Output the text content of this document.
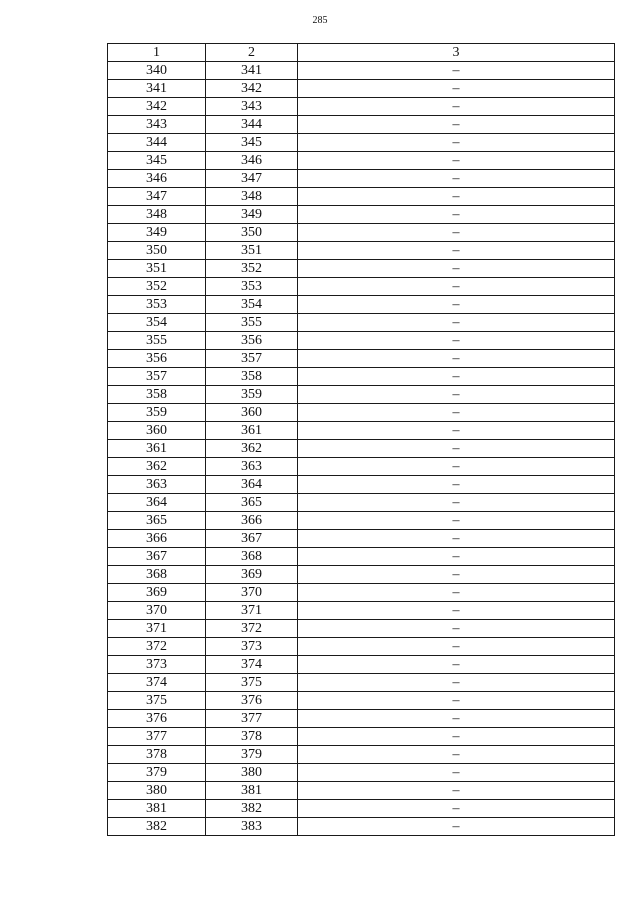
285
1	2	3
340	341	–
341	342	–
342	343	–
343	344	–
344	345	–
345	346	–
346	347	–
347	348	–
348	349	–
349	350	–
350	351	–
351	352	–
352	353	–
353	354	–
354	355	–
355	356	–
356	357	–
357	358	–
358	359	–
359	360	–
360	361	–
361	362	–
362	363	–
363	364	–
364	365	–
365	366	–
366	367	–
367	368	–
368	369	–
369	370	–
370	371	–
371	372	–
372	373	–
373	374	–
374	375	–
375	376	–
376	377	–
377	378	–
378	379	–
379	380	–
380	381	–
381	382	–
382	383	–
